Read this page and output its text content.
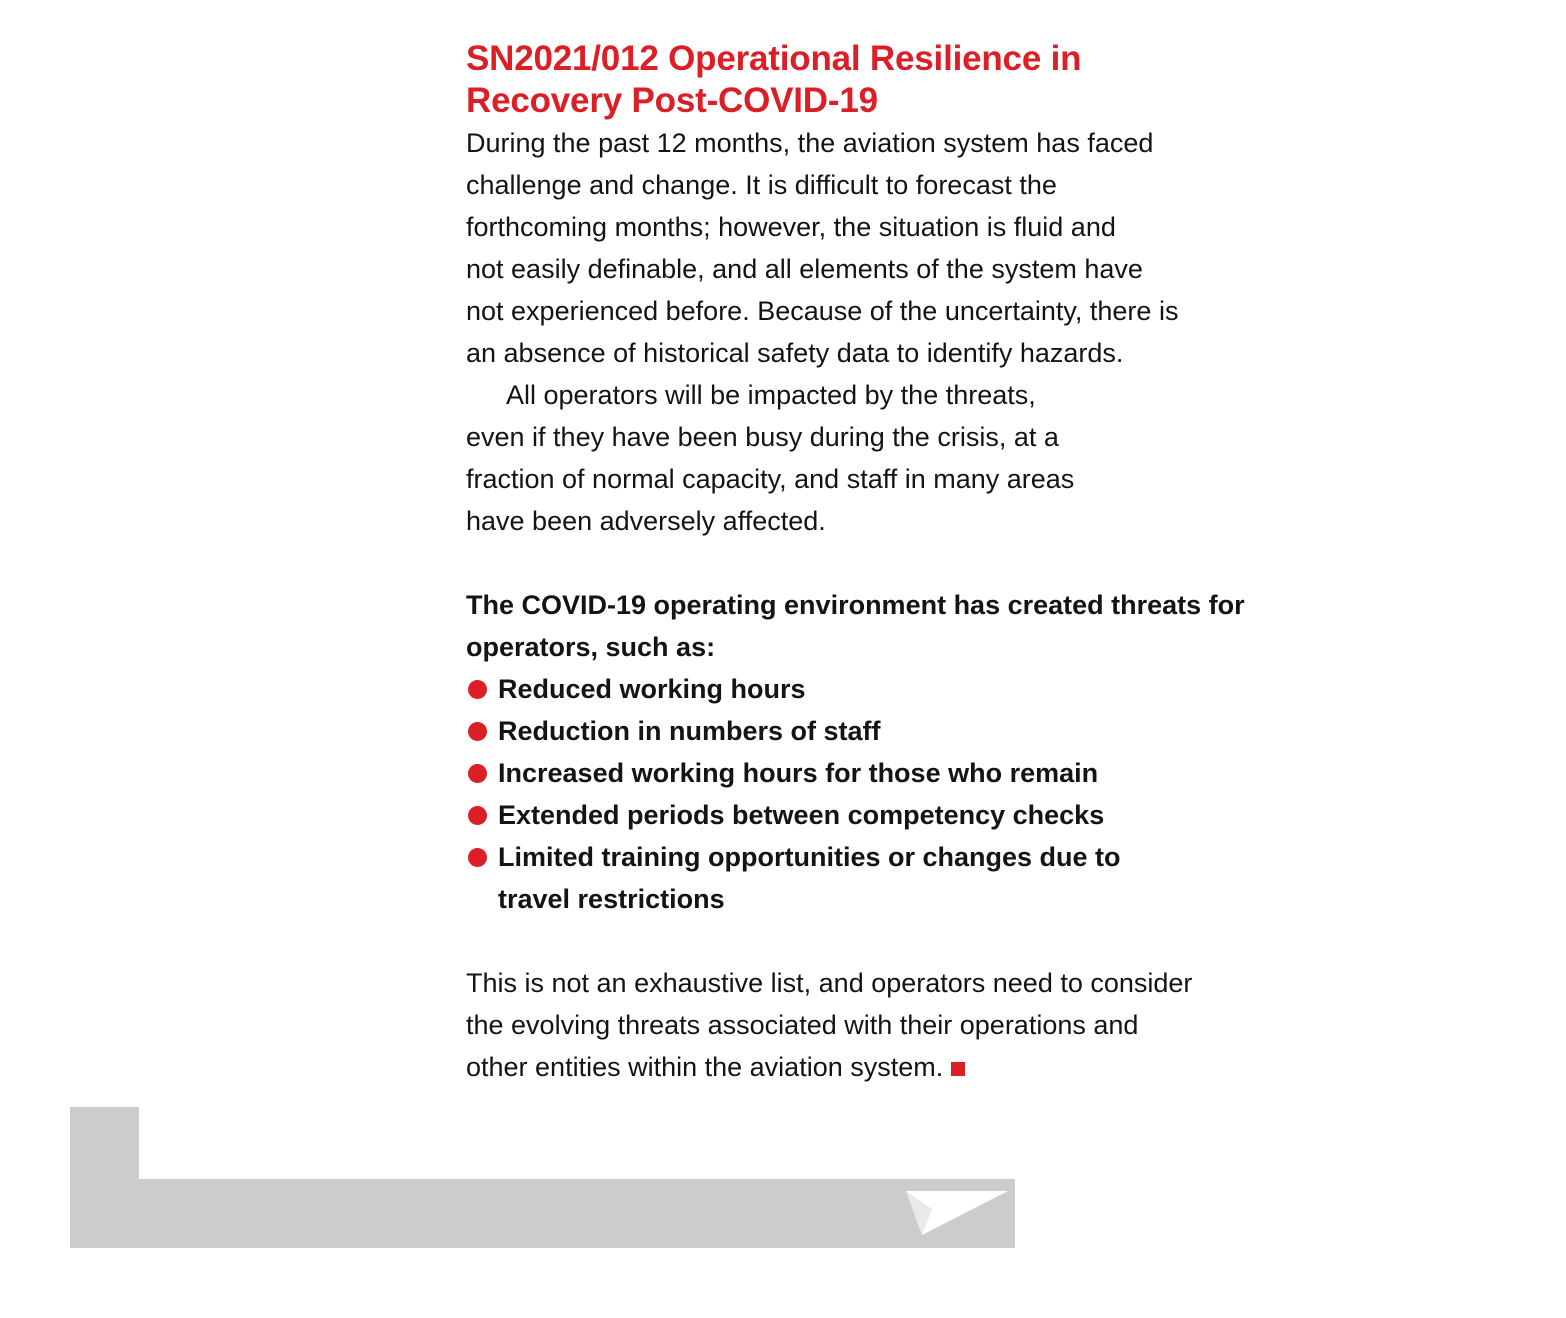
SN2021/012 Operational Resilience in
Recovery Post-COVID-19

During the past 12 months, the aviation system has faced
challenge and change. It is difficult to forecast the
forthcoming months; however, the situation is fluid and
not easily definable, and all elements of the system have
not experienced before. Because of the uncertainty, there is
an absence of historical safety data to identify hazards.

All operators will be impacted by the threats,
even if they have been busy during the crisis, at a
fraction of normal capacity, and staff in many areas
have been adversely affected.

The COVID-19 operating environment has created threats for
operators, such as:

Reduced working hours
Reduction in numbers of staff
Increased working hours for those who remain
Extended periods between competency checks
Limited training opportunities or changes due to
travel restrictions

This is not an exhaustive list, and operators need to consider
the evolving threats associated with their operations and
other entities within the aviation system.
